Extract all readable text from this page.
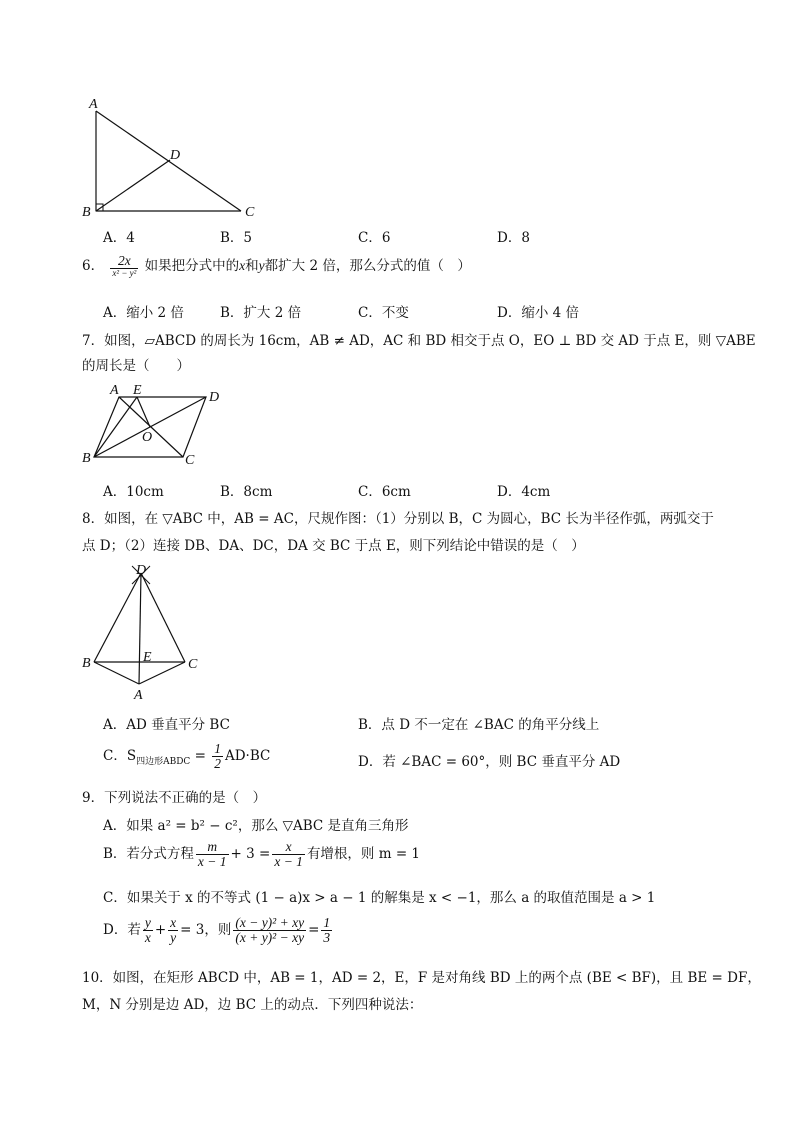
A
D
B	C
A．4	B．5	C．6	D．8
6． $\frac{2x}{\text{x² − y²}}$ 如果把分式中的x和y都扩大 2 倍，那么分式的值（　）
A．缩小 2 倍	B．扩大 2 倍	C．不变	D．缩小 4 倍
7．如图，▱ABCD 的周长为 16cm，AB ≠ AD，AC 和 BD 相交于点 O，EO ⊥ BD 交 AD 于点 E，则 ▽ABE
的周长是（　　）
A E	D
O
B	C
A．10cm	B．8cm	C．6cm	D．4cm
8．如图，在 ▽ABC 中，AB = AC，尺规作图：（1）分别以 B，C 为圆心，BC 长为半径作弧，两弧交于
点 D；（2）连接 DB、DA、DC，DA 交 BC 于点 E，则下列结论中错误的是（　）
D
B	E	C
A
A．AD 垂直平分 BC	B．点 D 不一定在 ∠BAC 的角平分线上
C．$S_{四边形ABDC} = \frac{1}{2} AD\cdot BC$	D．若 ∠BAC = 60°，则 BC 垂直平分 AD
9．下列说法不正确的是（　）
A．如果 a² = b² − c²，那么 ▽ABC 是直角三角形
B．若分式方程 $\frac{m}{x - 1} + 3 = \frac{x}{x - 1}$ 有增根，则 m = 1
C．如果关于 x 的不等式 (1 − a)x > a − 1 的解集是 x < −1，那么 a 的取值范围是 a > 1
D．若 $\frac{y}{x} + \frac{x}{y} = 3$，则 $\frac{\text{(x − y)² + xy}}{\text{(x + y)² − xy}} = \frac{1}{3}$
10．如图，在矩形 ABCD 中，AB = 1，AD = 2，E，F 是对角线 BD 上的两个点 (BE < BF)，且 BE = DF，
M，N 分别是边 AD，边 BC 上的动点．下列四种说法：
